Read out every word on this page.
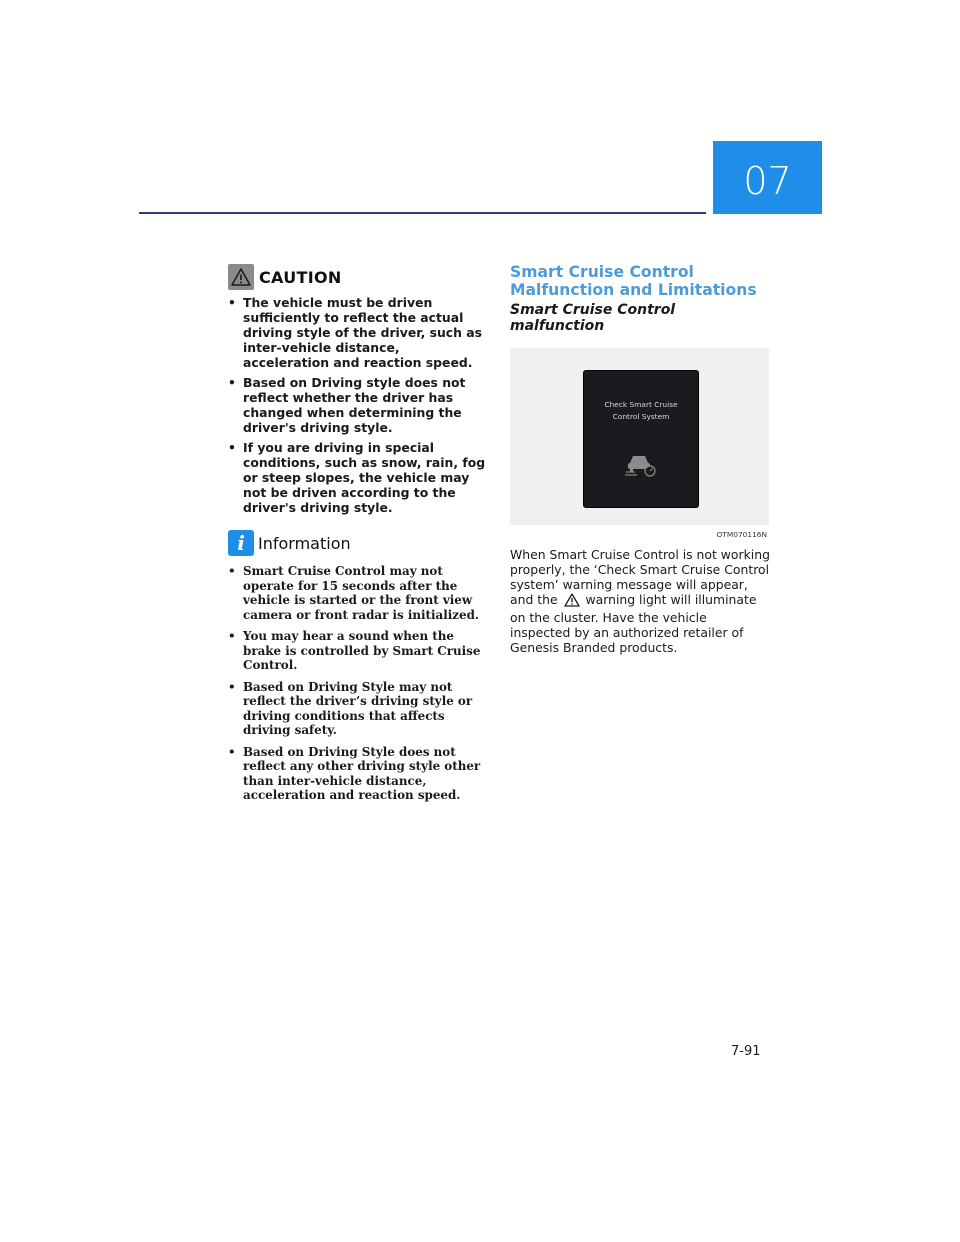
07
CAUTION
• The vehicle must be driven sufficiently to reflect the actual driving style of the driver, such as inter-vehicle distance, acceleration and reaction speed.
• Based on Driving style does not reflect whether the driver has changed when determining the driver's driving style.
• If you are driving in special conditions, such as snow, rain, fog or steep slopes, the vehicle may not be driven according to the driver's driving style.
i Information
• Smart Cruise Control may not operate for 15 seconds after the vehicle is started or the front view camera or front radar is initialized.
• You may hear a sound when the brake is controlled by Smart Cruise Control.
• Based on Driving Style may not reflect the driver’s driving style or driving conditions that affects driving safety.
• Based on Driving Style does not reflect any other driving style other than inter-vehicle distance, acceleration and reaction speed.
Smart Cruise Control
Malfunction and Limitations
Smart Cruise Control malfunction
Check Smart Cruise
Control System
OTM070116N

When Smart Cruise Control is not working properly, the ‘Check Smart Cruise Control system’ warning message will appear, and the warning light will illuminate on the cluster. Have the vehicle inspected by an authorized retailer of Genesis Branded products.

7-91
